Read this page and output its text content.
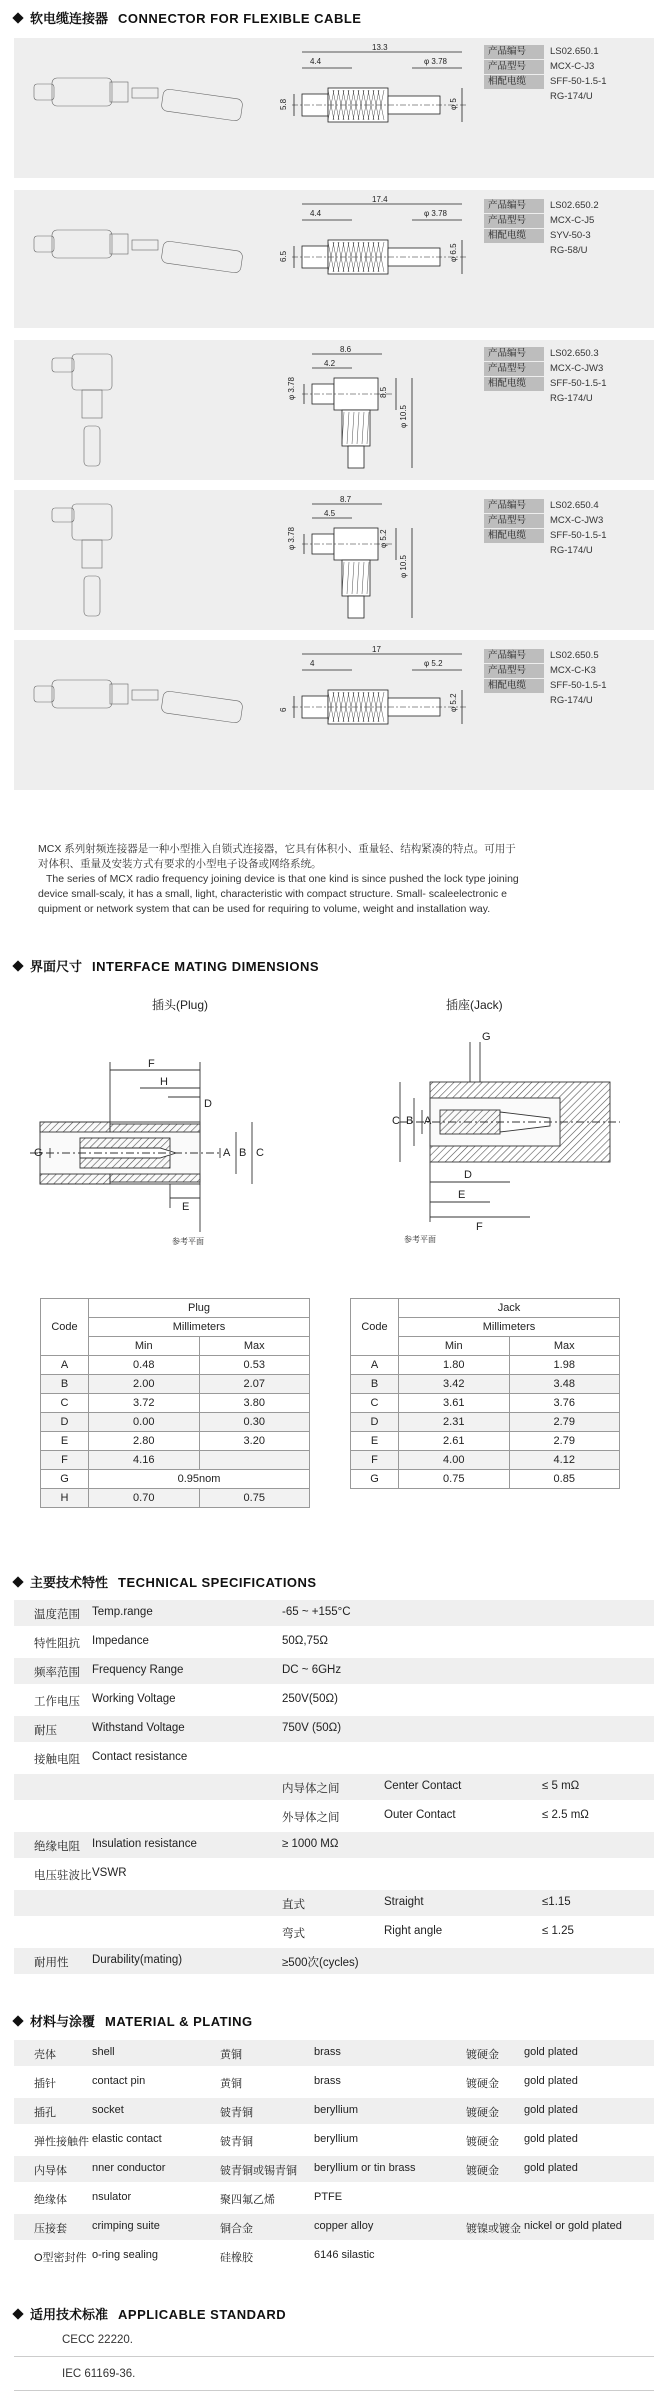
软电缆连接器 CONNECTOR FOR FLEXIBLE CABLE
13.3
4.4
5.8
φ 3.78
φ 5
产品编号	LS02.650.1
产品型号	MCX-C-J3
相配电缆	SFF-50-1.5-1
RG-174/U
17.4
4.4
6.5
φ 3.78
φ 6.5
产品编号	LS02.650.2
产品型号	MCX-C-J5
相配电缆	SYV-50-3
RG-58/U
8.6
4.2
φ 3.78	8.5
φ 10.5
产品编号	LS02.650.3
产品型号	MCX-C-JW3
相配电缆	SFF-50-1.5-1
RG-174/U
8.7
4.5
φ 3.78	φ 5.2
φ 10.5
产品编号	LS02.650.4
产品型号	MCX-C-JW3
相配电缆	SFF-50-1.5-1
RG-174/U
17
4
6
φ 5.2
φ 5.2
产品编号	LS02.650.5
产品型号	MCX-C-K3
相配电缆	SFF-50-1.5-1
RG-174/U
MCX 系列射频连接器是一种小型推入自锁式连接器，它具有体积小、重量轻、结构紧凑的特点。可用于
对体积、重量及安装方式有要求的小型电子设备或网络系统。
The series of MCX radio frequency joining device is that one kind is since pushed the lock type joining
device small-scaly, it has a small, light, characteristic with compact structure. Small- scaleelectronic e
quipment or network system that can be used for requiring to volume, weight and installation way.
界面尺寸 INTERFACE MATING DIMENSIONS
插头(Plug)	插座(Jack)
F
H
D
A B C
G
E
参考平面
C B A
G
D
E
F
参考平面
Code	Plug	
	Millimeters	
	Min	Max
A	0.48	0.53
B	2.00	2.07
C	3.72	3.80
D	0.00	0.30
E	2.80	3.20
F	4.16	
G	0.95nom	
H	0.70	0.75
Code	Jack	
	Millimeters	
	Min	Max
A	1.80	1.98
B	3.42	3.48
C	3.61	3.76
D	2.31	2.79
E	2.61	2.79
F	4.00	4.12
G	0.75	0.85
主要技术特性 TECHNICAL SPECIFICATIONS
温度范围 Temp.range	-65 ~ +155°C
特性阻抗 Impedance	50Ω,75Ω
频率范围 Frequency Range	DC ~ 6GHz
工作电压 Working Voltage	250V(50Ω)
耐压	Withstand Voltage	750V (50Ω)
接触电阻 Contact resistance
内导体之间	Center Contact	≤ 5 mΩ
外导体之间	Outer Contact	≤ 2.5 mΩ
绝缘电阻 Insulation resistance	≥ 1000 MΩ
电压驻波比 VSWR
直式	Straight	≤1.15
弯式	Right angle	≤ 1.25
耐用性 Durability(mating)	≥500次(cycles)
材料与涂覆 MATERIAL & PLATING
壳体	shell	黄铜	brass	镀硬金 gold plated
插针	contact pin	黄铜	brass	镀硬金 gold plated
插孔	socket	铍青铜	beryllium	镀硬金 gold plated
弹性接触件 elastic contact	铍青铜	beryllium	镀硬金 gold plated
内导体 nner conductor	铍青铜或锡青铜 beryllium or tin brass	镀硬金 gold plated
绝缘体 nsulator	聚四氟乙烯	PTFE
压接套 crimping suite	铜合金	copper alloy	镀镍或镀金 nickel or gold plated
O型密封件 o-ring sealing	硅橡胶	6146 silastic
适用技术标准 APPLICABLE STANDARD
CECC 22220.
IEC 61169-36.
